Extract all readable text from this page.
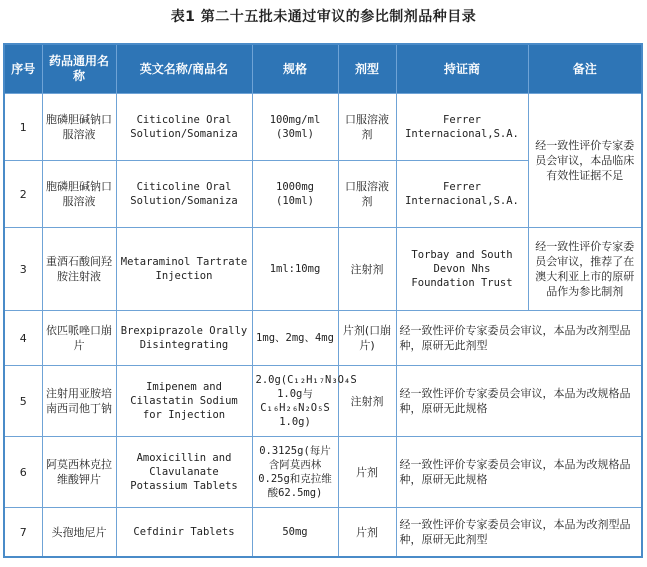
表1 第二十五批未通过审议的参比制剂品种目录
序号	药品通用名称	英文名称/商品名	规格	剂型	持证商	备注
1	胞磷胆碱钠口服溶液	Citicoline Oral Solution/Somaniza	100mg/ml (30ml)	口服溶液剂	Ferrer Internacional,S.A.	经一致性评价专家委员会审议，本品临床有效性证据不足
2	胞磷胆碱钠口服溶液	Citicoline Oral Solution/Somaniza	1000mg (10ml)	口服溶液剂	Ferrer Internacional,S.A.	
3	重酒石酸间羟胺注射液	Metaraminol Tartrate Injection	1ml:10mg	注射剂	Torbay and South Devon Nhs Foundation Trust	经一致性评价专家委员会审议，推荐了在澳大利亚上市的原研品作为参比制剂
4	依匹哌唑口崩片	Brexpiprazole Orally Disintegrating	1mg、2mg、4mg	片剂(口崩片)	经一致性评价专家委员会审议，本品为改剂型品种，原研无此剂型	
5	注射用亚胺培南西司他丁钠	Imipenem and Cilastatin Sodium for Injection	2.0g(C₁₂H₁₇N₃O₄S 1.0g与C₁₆H₂₆N₂O₅S 1.0g)	注射剂	经一致性评价专家委员会审议，本品为改规格品种，原研无此规格	
6	阿莫西林克拉维酸钾片	Amoxicillin and Clavulanate Potassium Tablets	0.3125g(每片含阿莫西林0.25g和克拉维酸62.5mg)	片剂	经一致性评价专家委员会审议，本品为改规格品种，原研无此规格	
7	头孢地尼片	Cefdinir Tablets	50mg	片剂	经一致性评价专家委员会审议，本品为改剂型品种，原研无此剂型	
